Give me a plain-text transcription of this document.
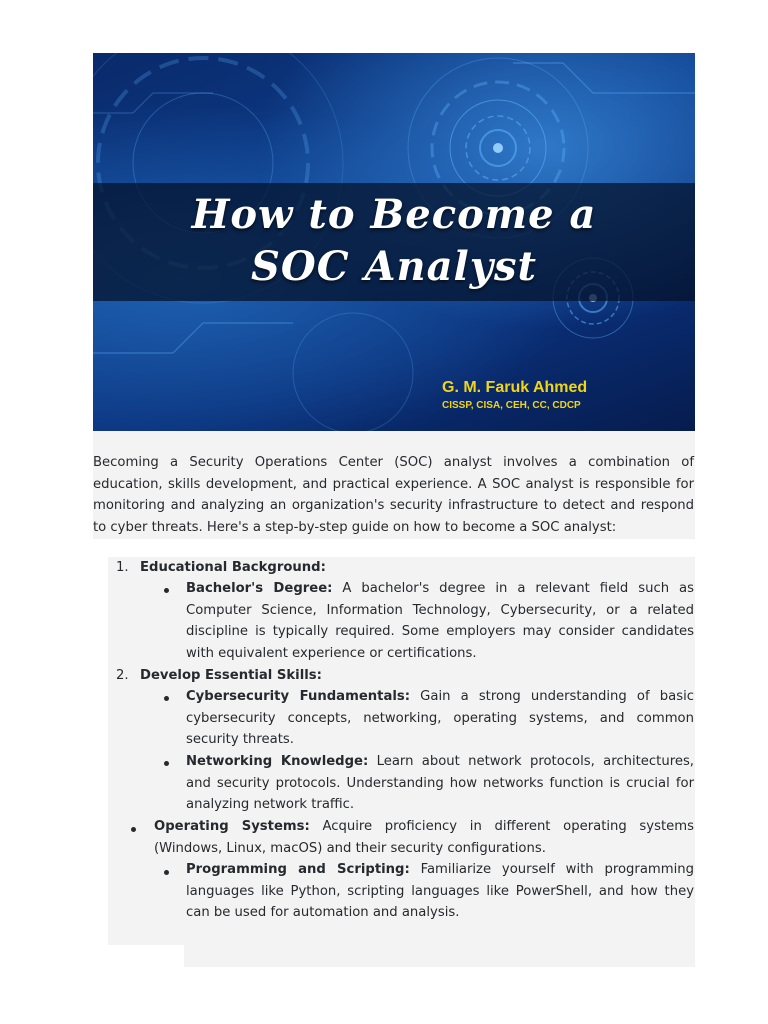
How to Become a
SOC Analyst
G. M. Faruk Ahmed
CISSP, CISA, CEH, CC, CDCP
Becoming a Security Operations Center (SOC) analyst involves a combination of education, skills development, and practical experience. A SOC analyst is responsible for monitoring and analyzing an organization's security infrastructure to detect and respond to cyber threats. Here's a step-by-step guide on how to become a SOC analyst:
1. Educational Background:
Bachelor's Degree: A bachelor's degree in a relevant field such as Computer Science, Information Technology, Cybersecurity, or a related discipline is typically required. Some employers may consider candidates with equivalent experience or certifications.
2. Develop Essential Skills:
Cybersecurity Fundamentals: Gain a strong understanding of basic cybersecurity concepts, networking, operating systems, and common security threats.
Networking Knowledge: Learn about network protocols, architectures, and security protocols. Understanding how networks function is crucial for analyzing network traffic.
Operating Systems: Acquire proficiency in different operating systems (Windows, Linux, macOS) and their security configurations.
Programming and Scripting: Familiarize yourself with programming languages like Python, scripting languages like PowerShell, and how they can be used for automation and analysis.
